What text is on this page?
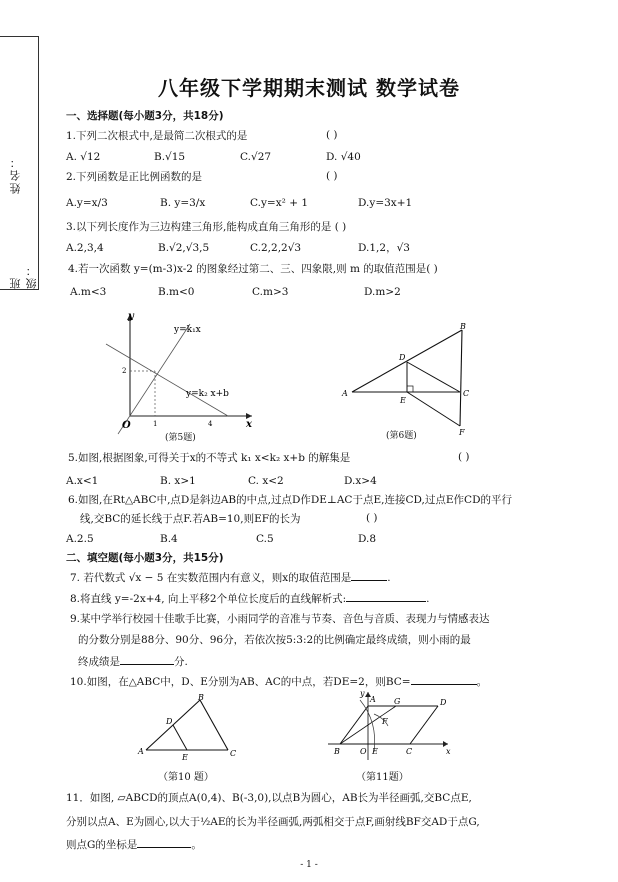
姓名：
班级：
八年级下学期期末测试 数学试卷
一、选择题(每小题3分，共18分)
1.下列二次根式中,是最简二次根式的是	( )
A. √12	B.√15	C.√27	D. √40
2.下列函数是正比例函数的是	( )
A.y=x/3	B. y=3/x	C.y=x² + 1	D.y=3x+1
3.以下列长度作为三边构建三角形,能构成直角三角形的是 ( )
A.2,3,4	B.√2,√3,5	C.2,2,2√3	D.1,2，√3
4.若一次函数 y=(m-3)x-2 的图象经过第二、三、四象限,则 m 的取值范围是( )
A.m<3	B.m<0	C.m>3	D.m>2
y
x
O	1	4
2
y=k₁x
y=k₂ x+b
(第5题)
A
B
C
D
E
F
(第6题)
5.如图,根据图象,可得关于x的不等式 k₁ x<k₂ x+b 的解集是	( )
A.x<1	B. x>1	C. x<2	D.x>4
6.如图,在Rt△ABC中,点D是斜边AB的中点,过点D作DE⊥AC于点E,连接CD,过点E作CD的平行
线,交BC的延长线于点F.若AB=10,则EF的长为	( )
A.2.5	B.4	C.5	D.8
二、填空题(每小题3分，共15分)
7. 若代数式 √x − 5 在实数范围内有意义，则x的取值范围是	.
8.将直线 y=-2x+4, 向上平移2个单位长度后的直线解析式:	.
9.某中学举行校园十佳歌手比赛，小雨同学的音准与节奏、音色与音质、表现力与情感表达
的分数分别是88分、90分、96分，若依次按5:3:2的比例确定最终成绩，则小雨的最
终成绩是	分.
10.如图，在△ABC中，D、E分别为AB、AC的中点，若DE=2，则BC=	。
A
B
C
D
E
（第10 题）
A
B	C
D
E
F
G
O	x
y
（第11题）
11．如图, ▱ABCD的顶点A(0,4)、B(-3,0),以点B为圆心，AB长为半径画弧,交BC点E,
分别以点A、E为圆心,以大于½AE的长为半径画弧,两弧相交于点F,画射线BF交AD于点G,
则点G的坐标是	。
- 1 -
